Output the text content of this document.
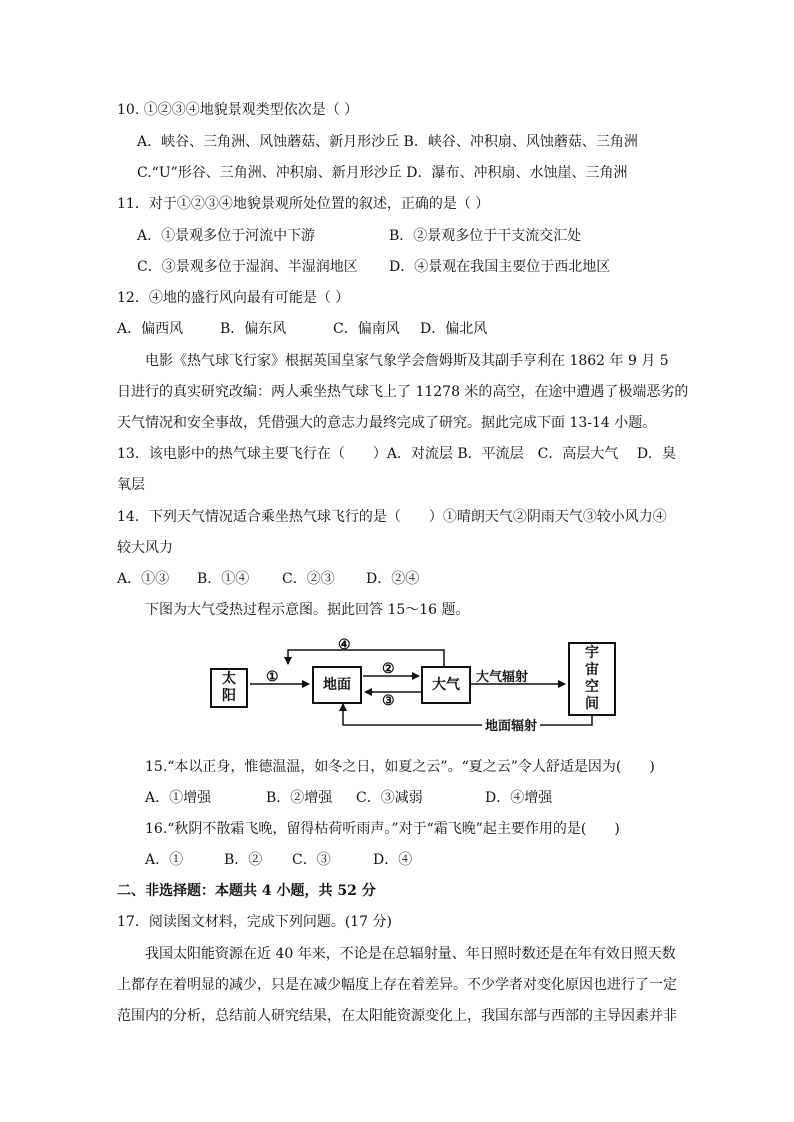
10. ①②③④地貌景观类型依次是（ ）
A．峡谷、三角洲、风蚀蘑菇、新月形沙丘 B．峡谷、冲积扇、风蚀蘑菇、三角洲
C.“U”形谷、三角洲、冲积扇、新月形沙丘 D．瀑布、冲积扇、水蚀崖、三角洲
11．对于①②③④地貌景观所处位置的叙述，正确的是（ ）
A．①景观多位于河流中下游	B．②景观多位于干支流交汇处
C．③景观多位于湿润、半湿润地区 D．④景观在我国主要位于西北地区
12．④地的盛行风向最有可能是（ ）
A．偏西风	B．偏东风	C．偏南风 D．偏北风
电影《热气球飞行家》根据英国皇家气象学会詹姆斯及其副手亨利在 1862 年 9 月 5
日进行的真实研究改编：两人乘坐热气球飞上了 11278 米的高空，在途中遭遇了极端恶劣的
天气情况和安全事故，凭借强大的意志力最终完成了研究。据此完成下面 13-14 小题。
13．该电影中的热气球主要飞行在（　　）A．对流层 B．平流层　C．高层大气　 D．臭
氧层
14．下列天气情况适合乘坐热气球飞行的是（　　）①晴朗天气②阴雨天气③较小风力④
较大风力
A．①③ B．①④ C．②③ D．②④
下图为大气受热过程示意图。据此回答 15～16 题。
太阳
地面	大气
宇宙空间
①	②
③
④
大气辐射
地面辐射
15.“本以正身，惟德温温，如冬之日，如夏之云”。“夏之云”令人舒适是因为(　　)
A．①增强	B．②增强 C．③减弱	D．④增强
16.“秋阴不散霜飞晚，留得枯荷听雨声。”对于“霜飞晚”起主要作用的是(　　)
A．①	B．② C．③	D．④
二、非选择题：本题共 4 小题，共 52 分
17．阅读图文材料，完成下列问题。(17 分)
我国太阳能资源在近 40 年来，不论是在总辐射量、年日照时数还是在年有效日照天数
上都存在着明显的减少，只是在减少幅度上存在着差异。不少学者对变化原因也进行了一定
范围内的分析，总结前人研究结果，在太阳能资源变化上，我国东部与西部的主导因素并非
